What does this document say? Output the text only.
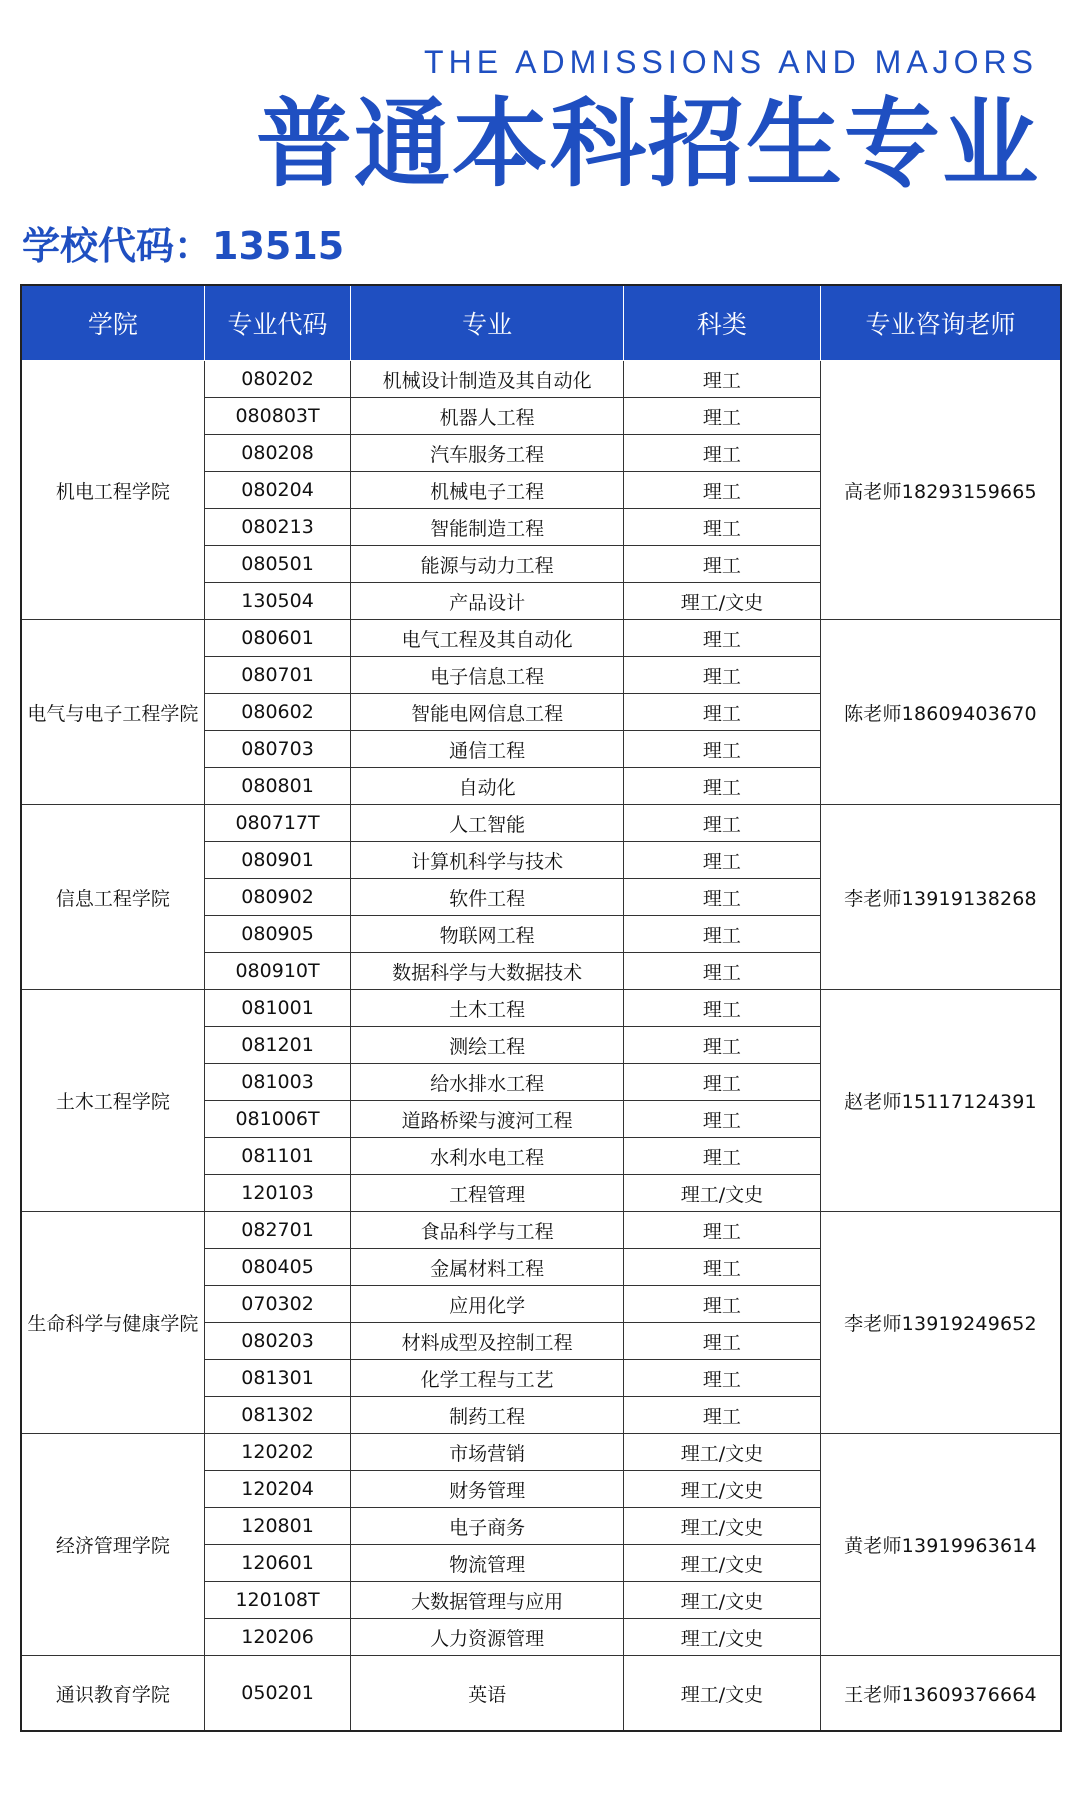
THE ADMISSIONS AND MAJORS
普通本科招生专业
学校代码：13515
学院	专业代码	专业	科类	专业咨询老师
机电工程学院	080202	机械设计制造及其自动化	理工	高老师18293159665
	080803T	机器人工程	理工	
	080208	汽车服务工程	理工	
	080204	机械电子工程	理工	
	080213	智能制造工程	理工	
	080501	能源与动力工程	理工	
	130504	产品设计	理工/文史	
电气与电子工程学院	080601	电气工程及其自动化	理工	陈老师18609403670
	080701	电子信息工程	理工	
	080602	智能电网信息工程	理工	
	080703	通信工程	理工	
	080801	自动化	理工	
信息工程学院	080717T	人工智能	理工	李老师13919138268
	080901	计算机科学与技术	理工	
	080902	软件工程	理工	
	080905	物联网工程	理工	
	080910T	数据科学与大数据技术	理工	
土木工程学院	081001	土木工程	理工	赵老师15117124391
	081201	测绘工程	理工	
	081003	给水排水工程	理工	
	081006T	道路桥梁与渡河工程	理工	
	081101	水利水电工程	理工	
	120103	工程管理	理工/文史	
生命科学与健康学院	082701	食品科学与工程	理工	李老师13919249652
	080405	金属材料工程	理工	
	070302	应用化学	理工	
	080203	材料成型及控制工程	理工	
	081301	化学工程与工艺	理工	
	081302	制药工程	理工	
经济管理学院	120202	市场营销	理工/文史	黄老师13919963614
	120204	财务管理	理工/文史	
	120801	电子商务	理工/文史	
	120601	物流管理	理工/文史	
	120108T	大数据管理与应用	理工/文史	
	120206	人力资源管理	理工/文史	
通识教育学院	050201	英语	理工/文史	王老师13609376664
